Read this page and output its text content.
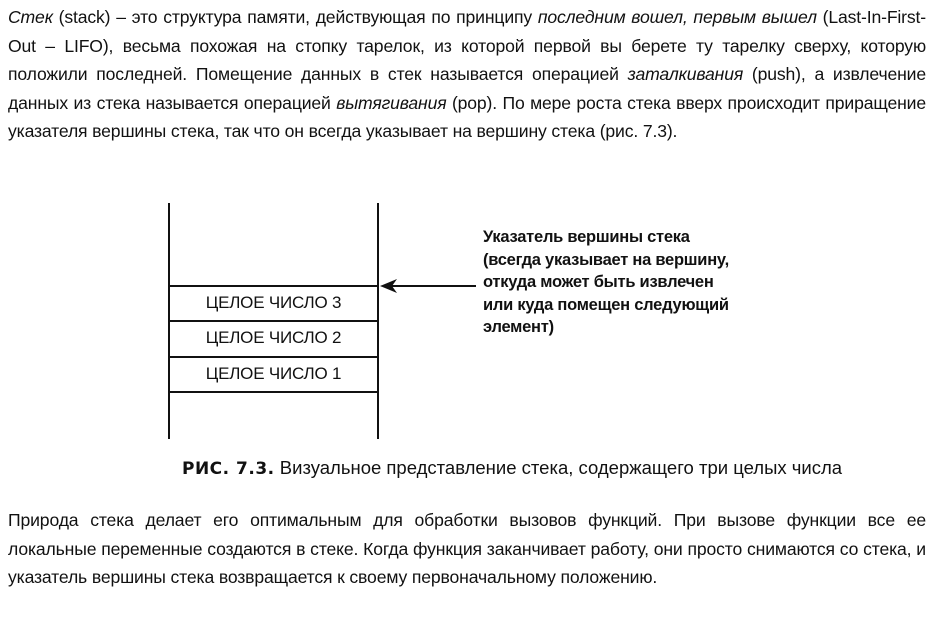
Стек (stack) – это структура памяти, действующая по принципу последним вошел, первым вышел (Last-In-First-Out – LIFO), весьма похожая на стопку тарелок, из которой первой вы берете ту тарелку сверху, которую положили последней. Помещение данных в стек называется операцией заталкивания (push), а извлечение данных из стека называется операцией вытягивания (pop). По мере роста стека вверх происходит приращение указателя вершины стека, так что он всегда указывает на вершину стека (рис. 7.3).

ЦЕЛОЕ ЧИСЛО 3
ЦЕЛОЕ ЧИСЛО 2
ЦЕЛОЕ ЧИСЛО 1
Указатель вершины стека
(всегда указывает на вершину,
откуда может быть извлечен
или куда помещен следующий
элемент)
РИС. 7.3. Визуальное представление стека, содержащего три целых числа

Природа стека делает его оптимальным для обработки вызовов функций. При вызове функции все ее локальные переменные создаются в стеке. Когда функция заканчивает работу, они просто снимаются со стека, и указатель вершины стека возвращается к своему первоначальному положению.
